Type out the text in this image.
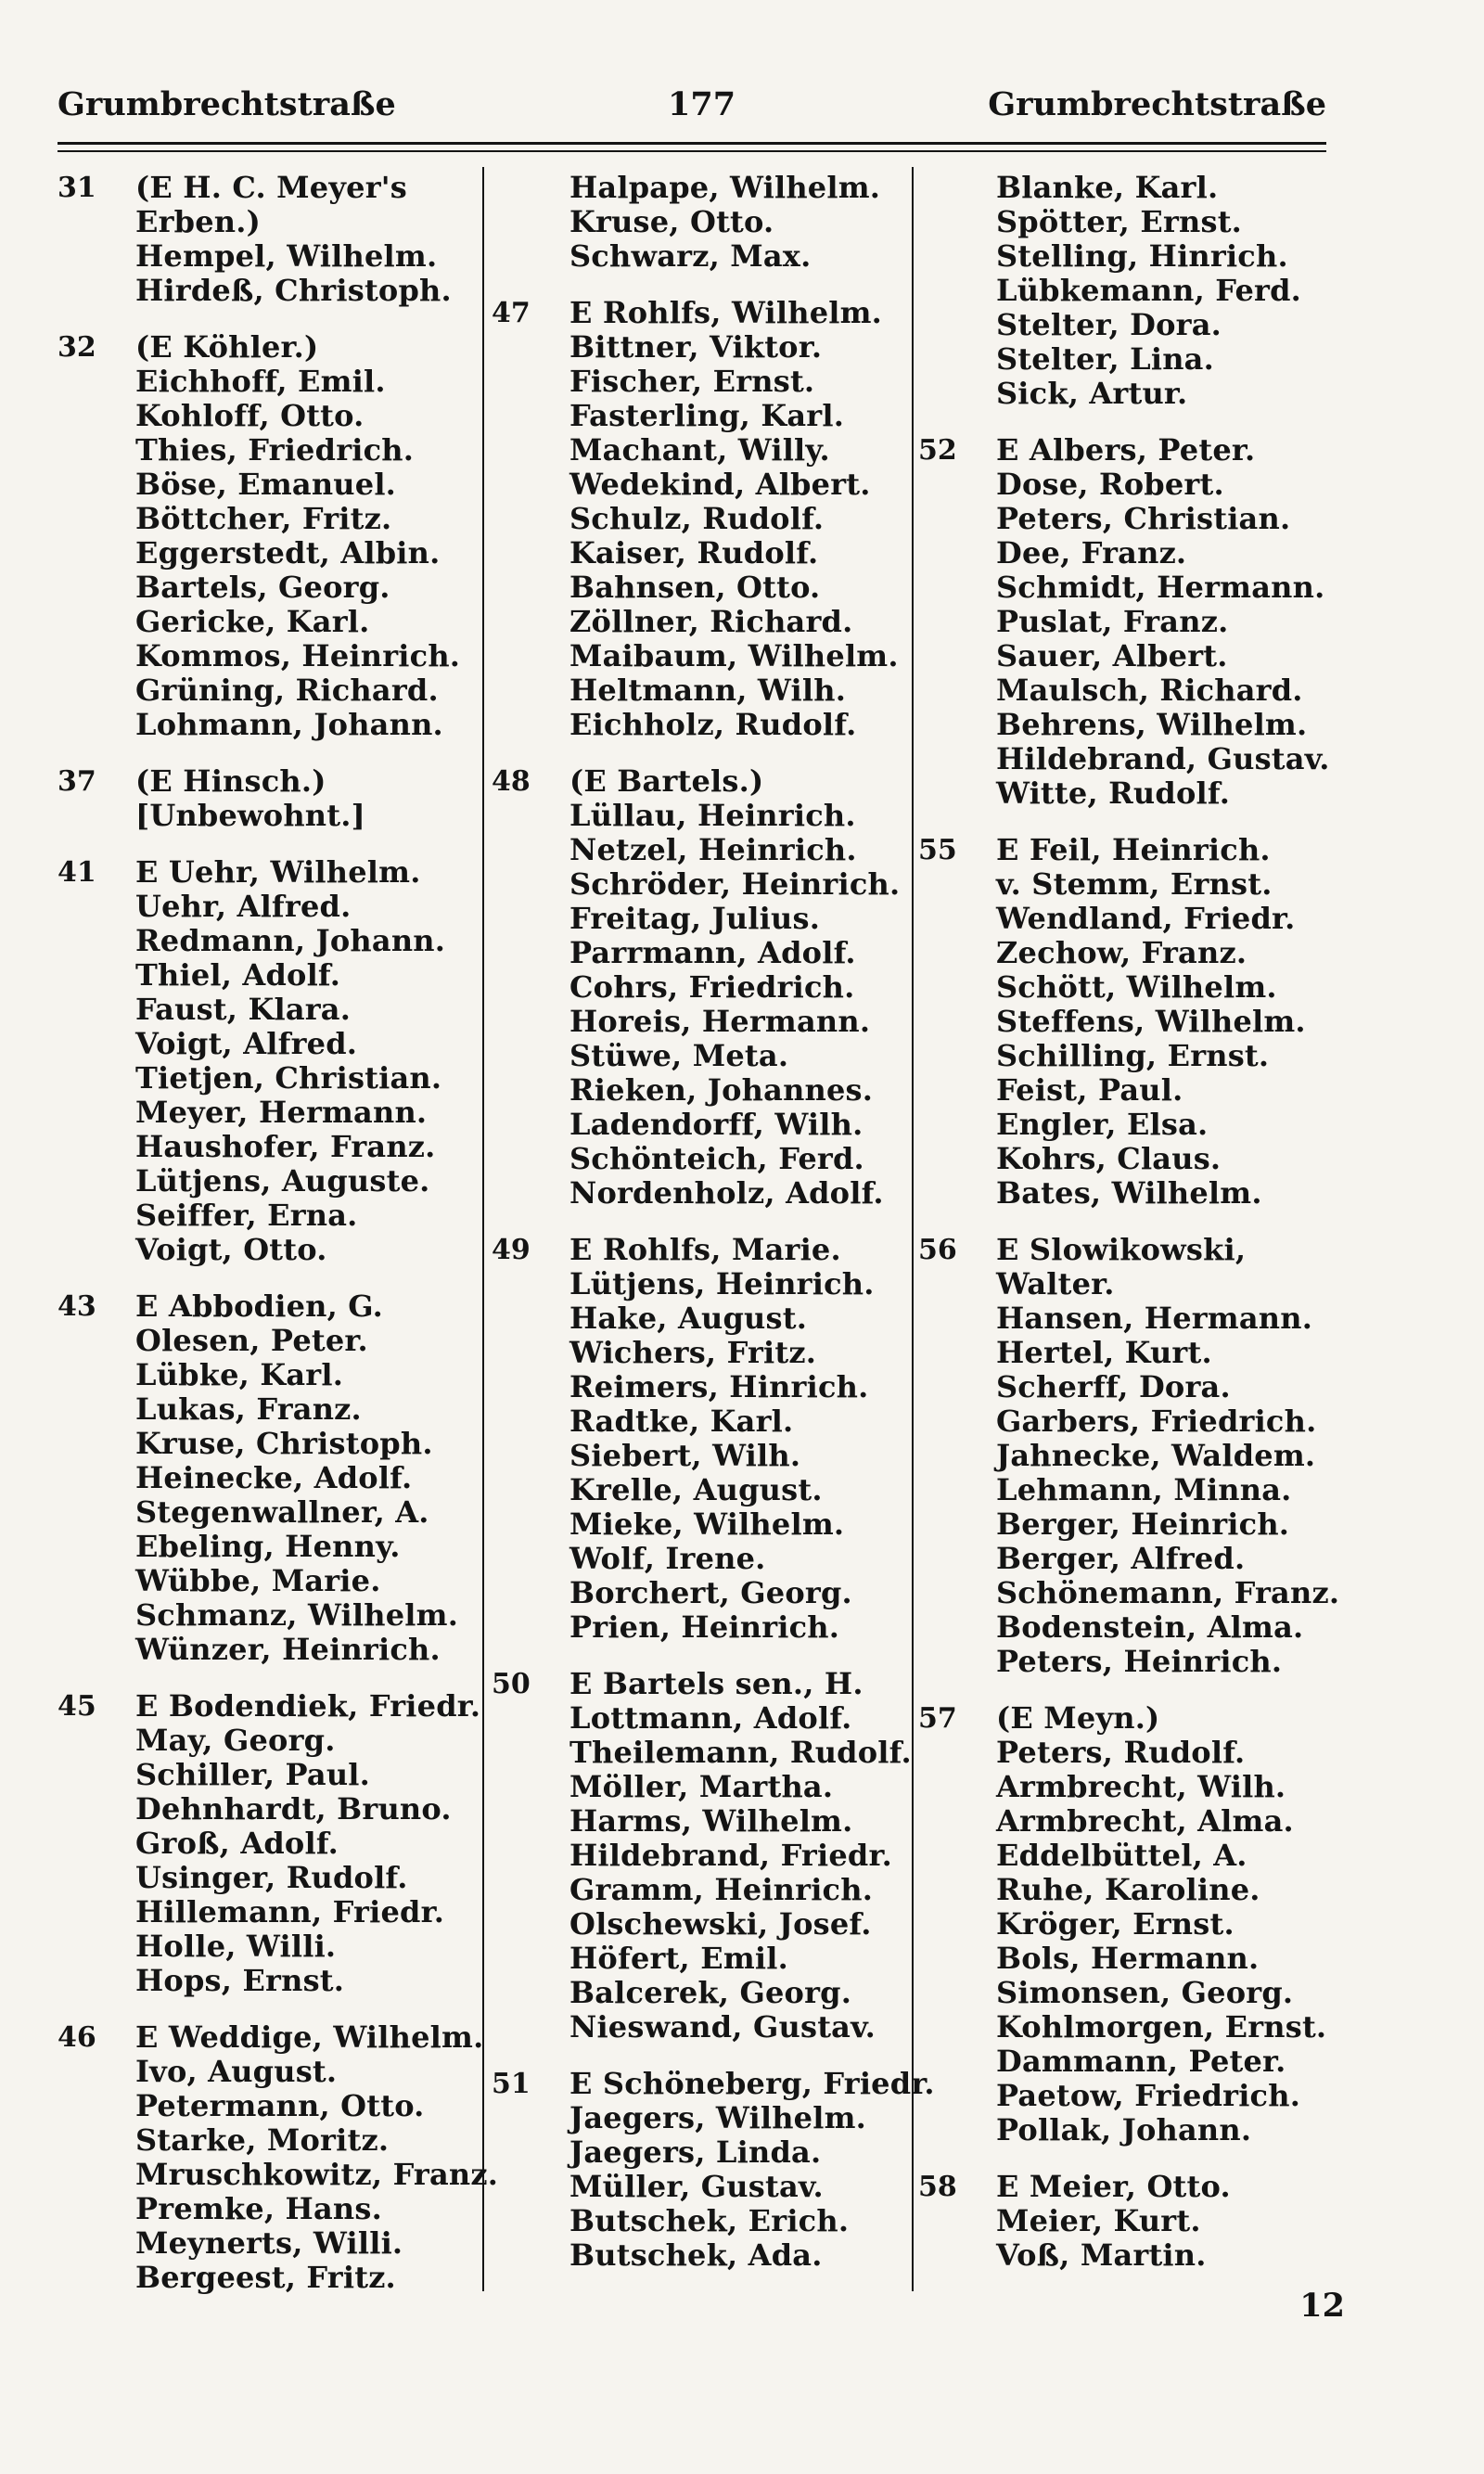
Grumbrechtstraße	177	Grumbrechtstraße
31	(E H. C. Meyer's
Erben.)
Hempel, Wilhelm.
Hirdeß, Christoph.
32	(E Köhler.)
Eichhoff, Emil.
Kohloff, Otto.
Thies, Friedrich.
Böse, Emanuel.
Böttcher, Fritz.
Eggerstedt, Albin.
Bartels, Georg.
Gericke, Karl.
Kommos, Heinrich.
Grüning, Richard.
Lohmann, Johann.
37	(E Hinsch.)
[Unbewohnt.]
41	E Uehr, Wilhelm.
Uehr, Alfred.
Redmann, Johann.
Thiel, Adolf.
Faust, Klara.
Voigt, Alfred.
Tietjen, Christian.
Meyer, Hermann.
Haushofer, Franz.
Lütjens, Auguste.
Seiffer, Erna.
Voigt, Otto.
43	E Abbodien, G.
Olesen, Peter.
Lübke, Karl.
Lukas, Franz.
Kruse, Christoph.
Heinecke, Adolf.
Stegenwallner, A.
Ebeling, Henny.
Wübbe, Marie.
Schmanz, Wilhelm.
Wünzer, Heinrich.
45	E Bodendiek, Friedr.
May, Georg.
Schiller, Paul.
Dehnhardt, Bruno.
Groß, Adolf.
Usinger, Rudolf.
Hillemann, Friedr.
Holle, Willi.
Hops, Ernst.
46	E Weddige, Wilhelm.
Ivo, August.
Petermann, Otto.
Starke, Moritz.
Mruschkowitz, Franz.
Premke, Hans.
Meynerts, Willi.
Bergeest, Fritz.
Halpape, Wilhelm.
Kruse, Otto.
Schwarz, Max.
47	E Rohlfs, Wilhelm.
Bittner, Viktor.
Fischer, Ernst.
Fasterling, Karl.
Machant, Willy.
Wedekind, Albert.
Schulz, Rudolf.
Kaiser, Rudolf.
Bahnsen, Otto.
Zöllner, Richard.
Maibaum, Wilhelm.
Heltmann, Wilh.
Eichholz, Rudolf.
48	(E Bartels.)
Lüllau, Heinrich.
Netzel, Heinrich.
Schröder, Heinrich.
Freitag, Julius.
Parrmann, Adolf.
Cohrs, Friedrich.
Horeis, Hermann.
Stüwe, Meta.
Rieken, Johannes.
Ladendorff, Wilh.
Schönteich, Ferd.
Nordenholz, Adolf.
49	E Rohlfs, Marie.
Lütjens, Heinrich.
Hake, August.
Wichers, Fritz.
Reimers, Hinrich.
Radtke, Karl.
Siebert, Wilh.
Krelle, August.
Mieke, Wilhelm.
Wolf, Irene.
Borchert, Georg.
Prien, Heinrich.
50	E Bartels sen., H.
Lottmann, Adolf.
Theilemann, Rudolf.
Möller, Martha.
Harms, Wilhelm.
Hildebrand, Friedr.
Gramm, Heinrich.
Olschewski, Josef.
Höfert, Emil.
Balcerek, Georg.
Nieswand, Gustav.
51	E Schöneberg, Friedr.
Jaegers, Wilhelm.
Jaegers, Linda.
Müller, Gustav.
Butschek, Erich.
Butschek, Ada.
Blanke, Karl.
Spötter, Ernst.
Stelling, Hinrich.
Lübkemann, Ferd.
Stelter, Dora.
Stelter, Lina.
Sick, Artur.
52	E Albers, Peter.
Dose, Robert.
Peters, Christian.
Dee, Franz.
Schmidt, Hermann.
Puslat, Franz.
Sauer, Albert.
Maulsch, Richard.
Behrens, Wilhelm.
Hildebrand, Gustav.
Witte, Rudolf.
55	E Feil, Heinrich.
v. Stemm, Ernst.
Wendland, Friedr.
Zechow, Franz.
Schött, Wilhelm.
Steffens, Wilhelm.
Schilling, Ernst.
Feist, Paul.
Engler, Elsa.
Kohrs, Claus.
Bates, Wilhelm.
56	E Slowikowski,
Walter.
Hansen, Hermann.
Hertel, Kurt.
Scherff, Dora.
Garbers, Friedrich.
Jahnecke, Waldem.
Lehmann, Minna.
Berger, Heinrich.
Berger, Alfred.
Schönemann, Franz.
Bodenstein, Alma.
Peters, Heinrich.
57	(E Meyn.)
Peters, Rudolf.
Armbrecht, Wilh.
Armbrecht, Alma.
Eddelbüttel, A.
Ruhe, Karoline.
Kröger, Ernst.
Bols, Hermann.
Simonsen, Georg.
Kohlmorgen, Ernst.
Dammann, Peter.
Paetow, Friedrich.
Pollak, Johann.
58	E Meier, Otto.
Meier, Kurt.
Voß, Martin.
12
